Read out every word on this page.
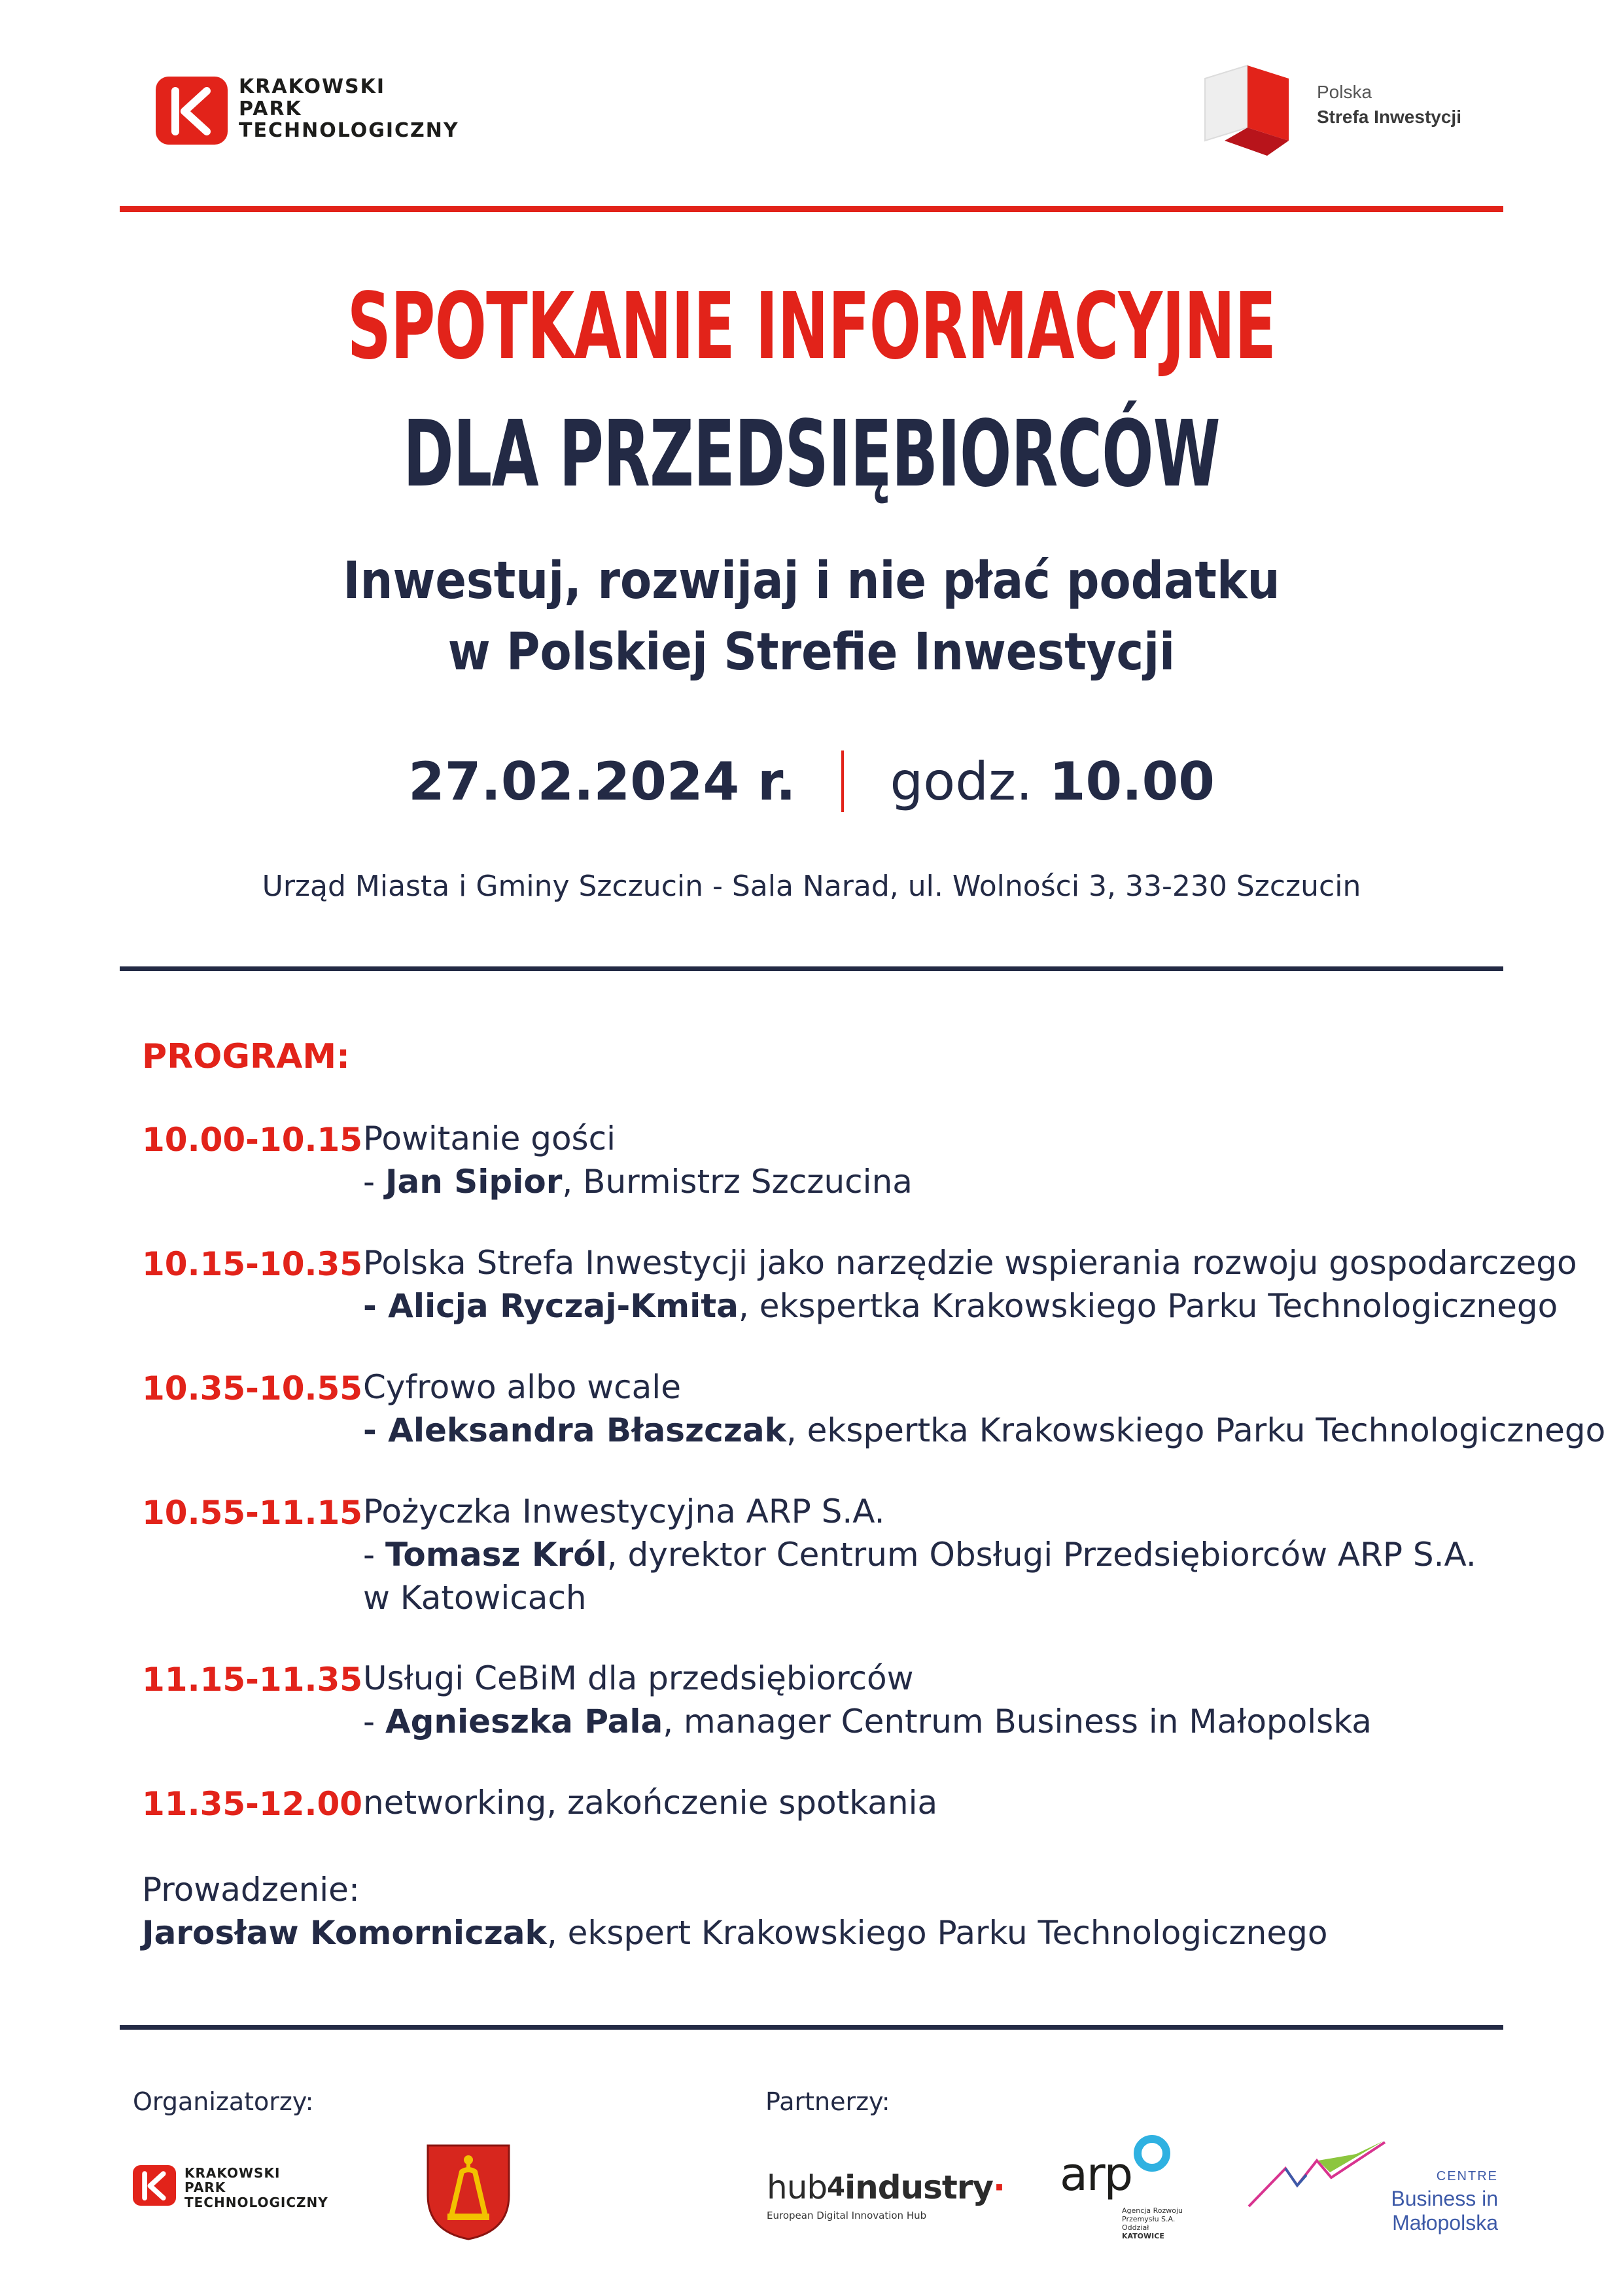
KRAKOWSKI
PARK
TECHNOLOGICZNY
Polska
Strefa Inwestycji
SPOTKANIE INFORMACYJNE
DLA PRZEDSIĘBIORCÓW
Inwestuj, rozwijaj i nie płać podatku
w Polskiej Strefie Inwestycji
27.02.2024 r. godz. 10.00
Urząd Miasta i Gminy Szczucin - Sala Narad, ul. Wolności 3, 33-230 Szczucin
PROGRAM:
10.00-10.15 Powitanie gości
- Jan Sipior, Burmistrz Szczucina
10.15-10.35 Polska Strefa Inwestycji jako narzędzie wspierania rozwoju gospodarczego
- Alicja Ryczaj-Kmita, ekspertka Krakowskiego Parku Technologicznego
10.35-10.55 Cyfrowo albo wcale
- Aleksandra Błaszczak, ekspertka Krakowskiego Parku Technologicznego
10.55-11.15 Pożyczka Inwestycyjna ARP S.A.
- Tomasz Król, dyrektor Centrum Obsługi Przedsiębiorców ARP S.A.
w Katowicach
11.15-11.35 Usługi CeBiM dla przedsiębiorców
- Agnieszka Pala, manager Centrum Business in Małopolska
11.35-12.00 networking, zakończenie spotkania
Prowadzenie:
Jarosław Komorniczak, ekspert Krakowskiego Parku Technologicznego
Organizatorzy:	Partnerzy:
KRAKOWSKI
PARK
TECHNOLOGICZNY	hub$^4$industry·
European Digital Innovation Hub
arp
Agencja Rozwoju
Przemysłu S.A.
Oddział
KATOWICE
CENTRE
Business in Małopolska
